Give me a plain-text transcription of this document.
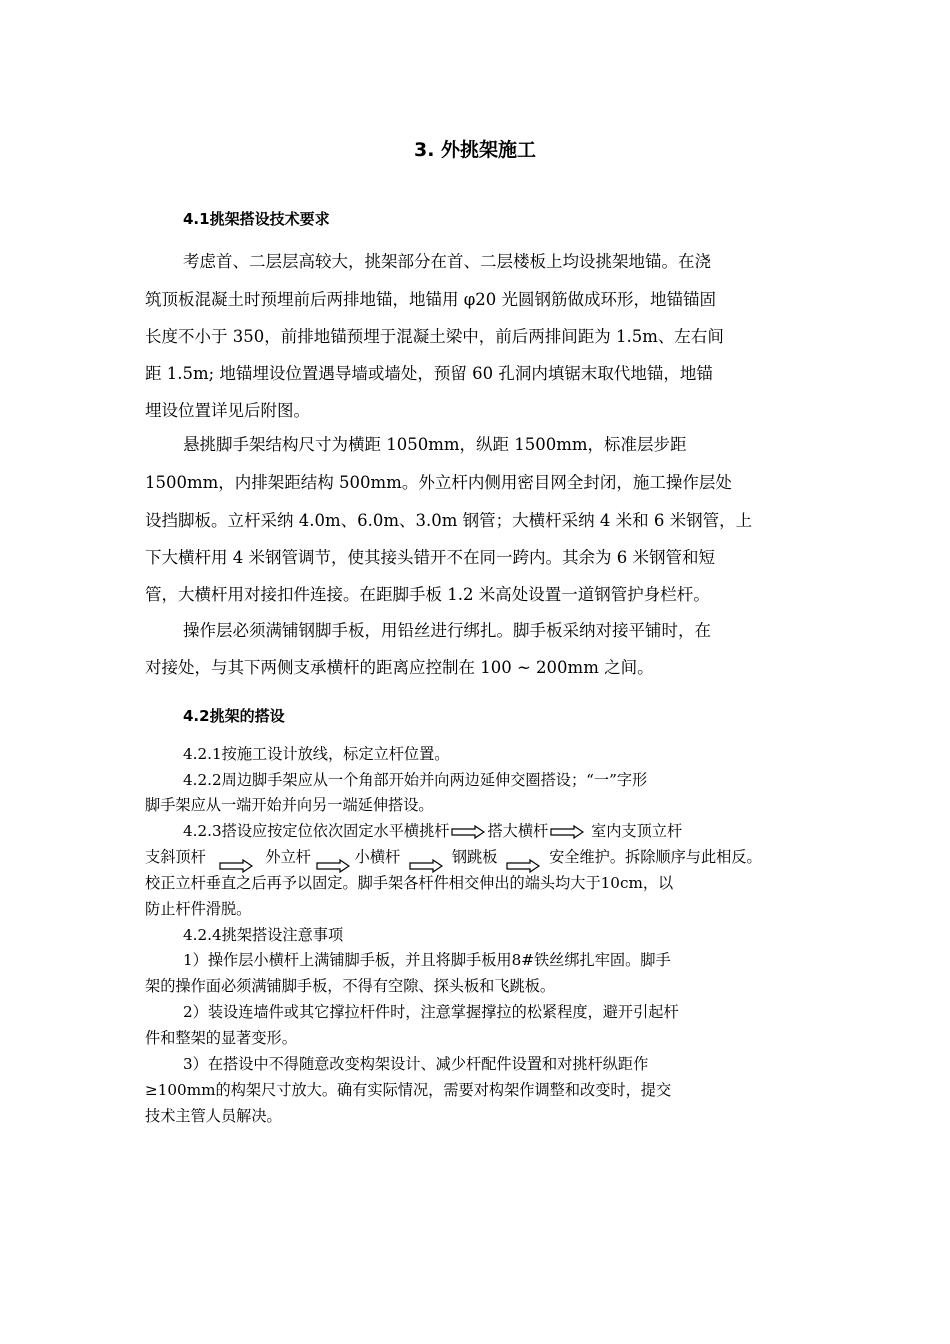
3. 外挑架施工
4.1挑架搭设技术要求
考虑首、二层层高较大，挑架部分在首、二层楼板上均设挑架地锚。在浇
筑顶板混凝土时预埋前后两排地锚，地锚用 φ20 光圆钢筋做成环形，地锚锚固
长度不小于 350，前排地锚预埋于混凝土梁中，前后两排间距为 1.5m、左右间
距 1.5m; 地锚埋设位置遇导墙或墙处，预留 60 孔洞内填锯末取代地锚，地锚
埋设位置详见后附图。
悬挑脚手架结构尺寸为横距 1050mm，纵距 1500mm，标准层步距
1500mm，内排架距结构 500mm。外立杆内侧用密目网全封闭，施工操作层处
设挡脚板。立杆采纳 4.0m、6.0m、3.0m 钢管；大横杆采纳 4 米和 6 米钢管，上
下大横杆用 4 米钢管调节，使其接头错开不在同一跨内。其余为 6 米钢管和短
管，大横杆用对接扣件连接。在距脚手板 1.2 米高处设置一道钢管护身栏杆。
操作层必须满铺钢脚手板，用铅丝进行绑扎。脚手板采纳对接平铺时，在
对接处，与其下两侧支承横杆的距离应控制在 100 ~ 200mm 之间。
4.2挑架的搭设
4.2.1按施工设计放线，标定立杆位置。
4.2.2周边脚手架应从一个角部开始并向两边延伸交圈搭设；“一”字形
脚手架应从一端开始并向另一端延伸搭设。
4.2.3搭设应按定位依次固定水平横挑杆	搭大横杆	室内支顶立杆
支斜顶杆	外立杆	小横杆	钢跳板	安全维护。拆除顺序与此相反。
校正立杆垂直之后再予以固定。脚手架各杆件相交伸出的端头均大于10cm，以
防止杆件滑脱。
4.2.4挑架搭设注意事项
1）操作层小横杆上满铺脚手板，并且将脚手板用8#铁丝绑扎牢固。脚手
架的操作面必须满铺脚手板，不得有空隙、探头板和飞跳板。
2）装设连墙件或其它撑拉杆件时，注意掌握撑拉的松紧程度，避开引起杆
件和整架的显著变形。
3）在搭设中不得随意改变构架设计、减少杆配件设置和对挑杆纵距作
≥100mm的构架尺寸放大。确有实际情况，需要对构架作调整和改变时，提交
技术主管人员解决。
